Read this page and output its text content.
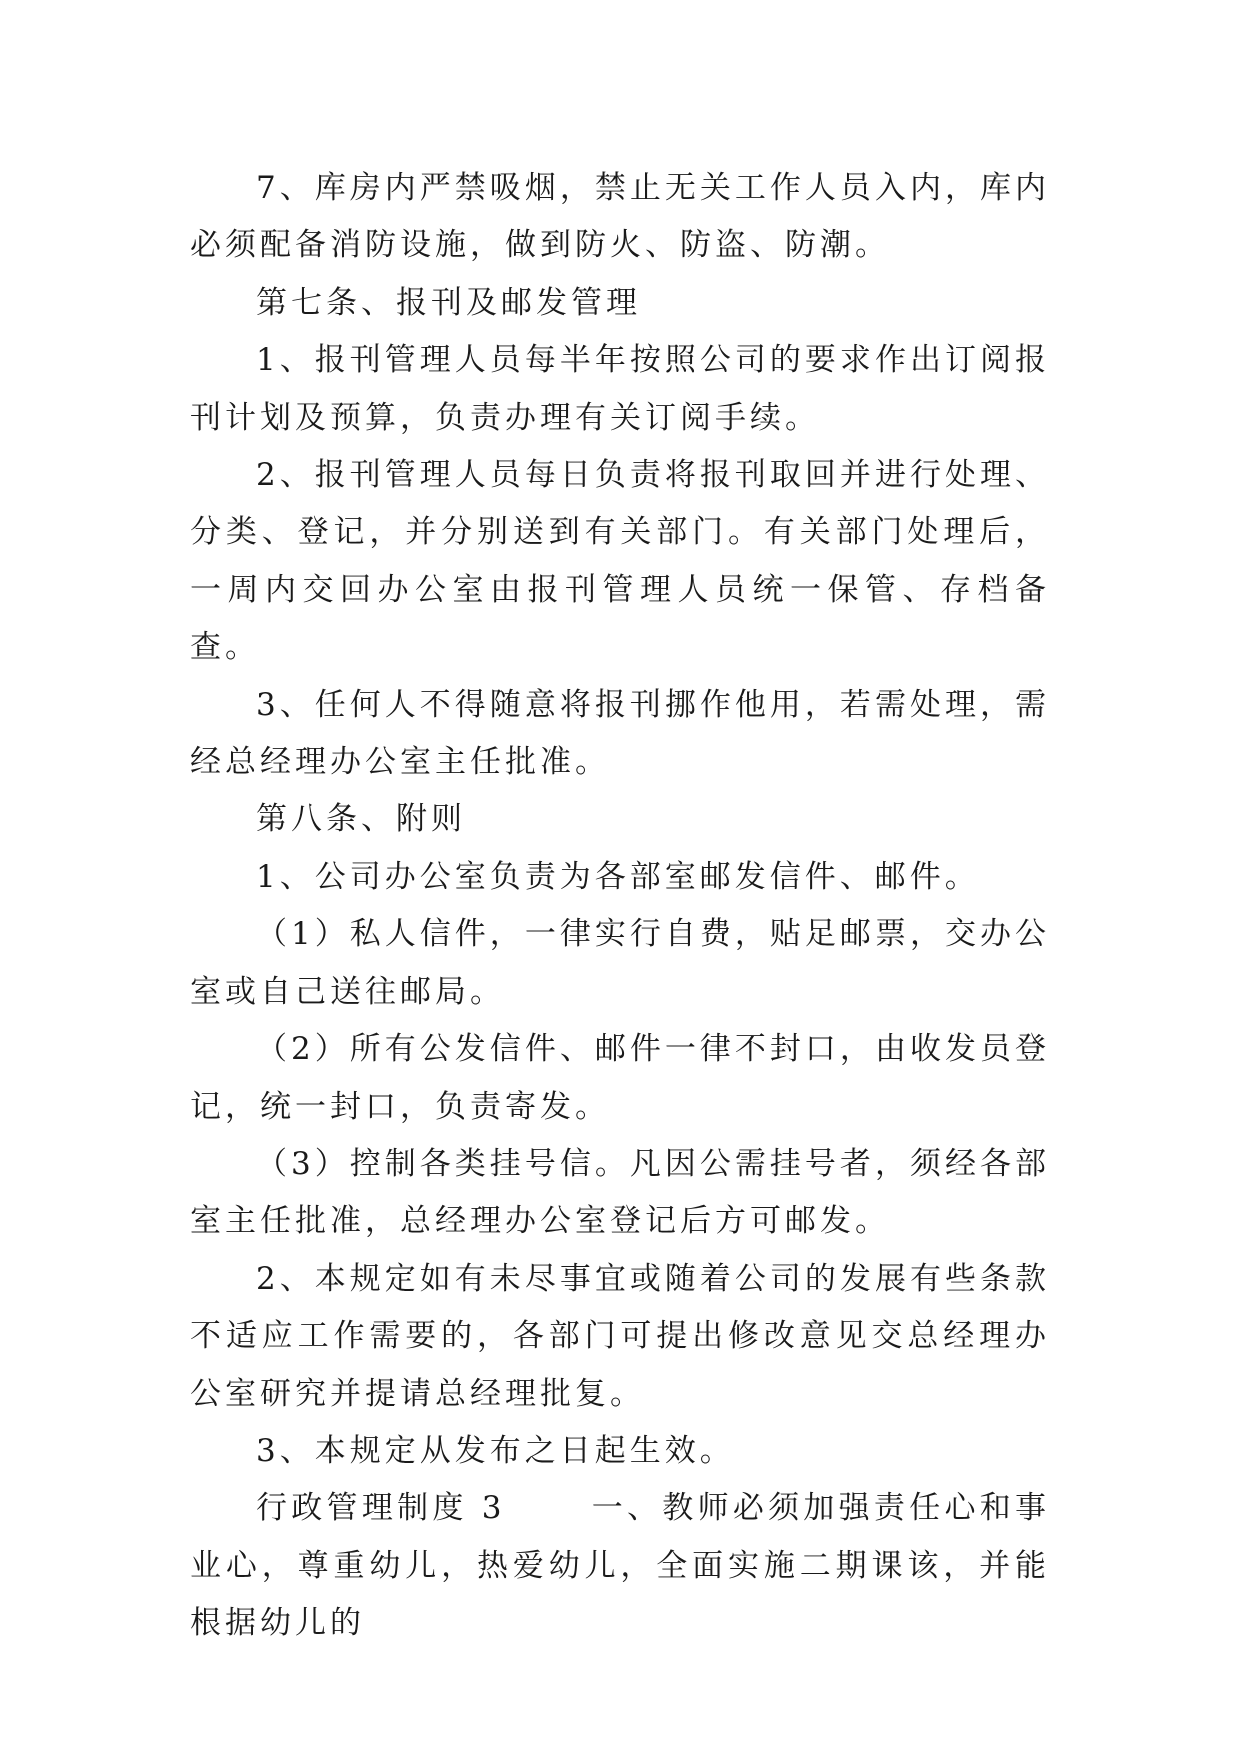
7、库房内严禁吸烟，禁止无关工作人员入内，库内必须配备消防设施，做到防火、防盗、防潮。

第七条、报刊及邮发管理

1、报刊管理人员每半年按照公司的要求作出订阅报刊计划及预算，负责办理有关订阅手续。

2、报刊管理人员每日负责将报刊取回并进行处理、分类、登记，并分别送到有关部门。有关部门处理后，一周内交回办公室由报刊管理人员统一保管、存档备查。

3、任何人不得随意将报刊挪作他用，若需处理，需经总经理办公室主任批准。

第八条、附则

1、公司办公室负责为各部室邮发信件、邮件。

（1）私人信件，一律实行自费，贴足邮票，交办公室或自己送往邮局。

（2）所有公发信件、邮件一律不封口，由收发员登记，统一封口，负责寄发。

（3）控制各类挂号信。凡因公需挂号者，须经各部室主任批准，总经理办公室登记后方可邮发。

2、本规定如有未尽事宜或随着公司的发展有些条款不适应工作需要的，各部门可提出修改意见交总经理办公室研究并提请总经理批复。

3、本规定从发布之日起生效。

行政管理制度 3	一、教师必须加强责任心和事业心，尊重幼儿，热爱幼儿，全面实施二期课该，并能根据幼儿的
